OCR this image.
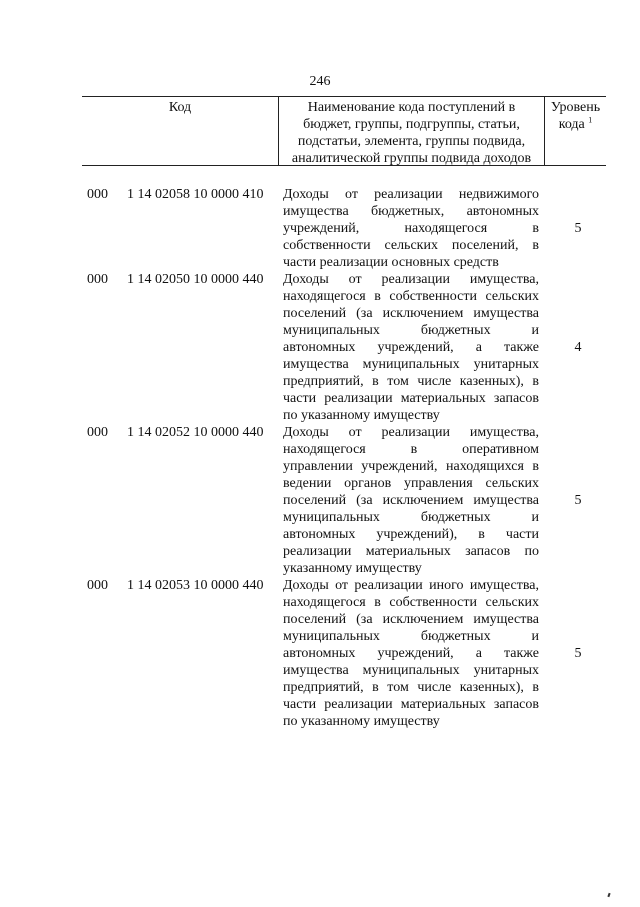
246
Код	Наименование кода поступлений в
бюджет, группы, подгруппы, статьи,
подстатьи, элемента, группы подвида,
аналитической группы подвида доходов
Уровень
кода $^1$
000 1 14 02058 10 0000 410 Доходы от реализации недвижимого
имущества бюджетных, автономных
учреждений, находящегося в
собственности сельских поселений, в
части реализации основных средств
5
000 1 14 02050 10 0000 440 Доходы от реализации имущества,
находящегося в собственности сельских
поселений (за исключением имущества
муниципальных бюджетных и
автономных учреждений, а также
имущества муниципальных унитарных
предприятий, в том числе казенных), в
части реализации материальных запасов
по указанному имуществу
4
000 1 14 02052 10 0000 440 Доходы от реализации имущества,
находящегося в оперативном
управлении учреждений, находящихся в
ведении органов управления сельских
поселений (за исключением имущества
муниципальных бюджетных и
автономных учреждений), в части
реализации материальных запасов по
указанному имуществу
5
000 1 14 02053 10 0000 440 Доходы от реализации иного имущества,
находящегося в собственности сельских
поселений (за исключением имущества
муниципальных бюджетных и
автономных учреждений, а также
имущества муниципальных унитарных
предприятий, в том числе казенных), в
части реализации материальных запасов
по указанному имуществу
5
